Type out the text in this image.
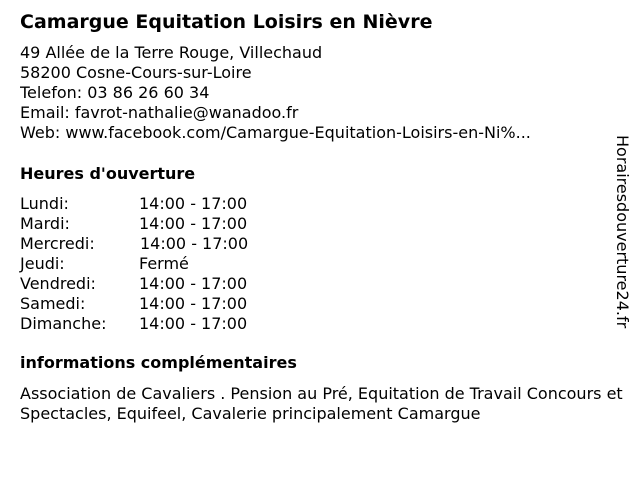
Camargue Equitation Loisirs en Nièvre
49 Allée de la Terre Rouge, Villechaud
58200 Cosne-Cours-sur-Loire
Telefon: 03 86 26 60 34
Email: favrot-nathalie@wanadoo.fr
Web: www.facebook.com/Camargue-Equitation-Loisirs-en-Ni%...
Heures d'ouverture
Lundi:	14:00 - 17:00
Mardi:	14:00 - 17:00
Mercredi:	14:00 - 17:00
Jeudi:	Fermé
Vendredi:	14:00 - 17:00
Samedi:	14:00 - 17:00
Dimanche:	14:00 - 17:00
informations complémentaires
Association de Cavaliers . Pension au Pré, Equitation de Travail Concours et Spectacles, Equifeel, Cavalerie principalement Camargue
Horairesdouverture24.fr
